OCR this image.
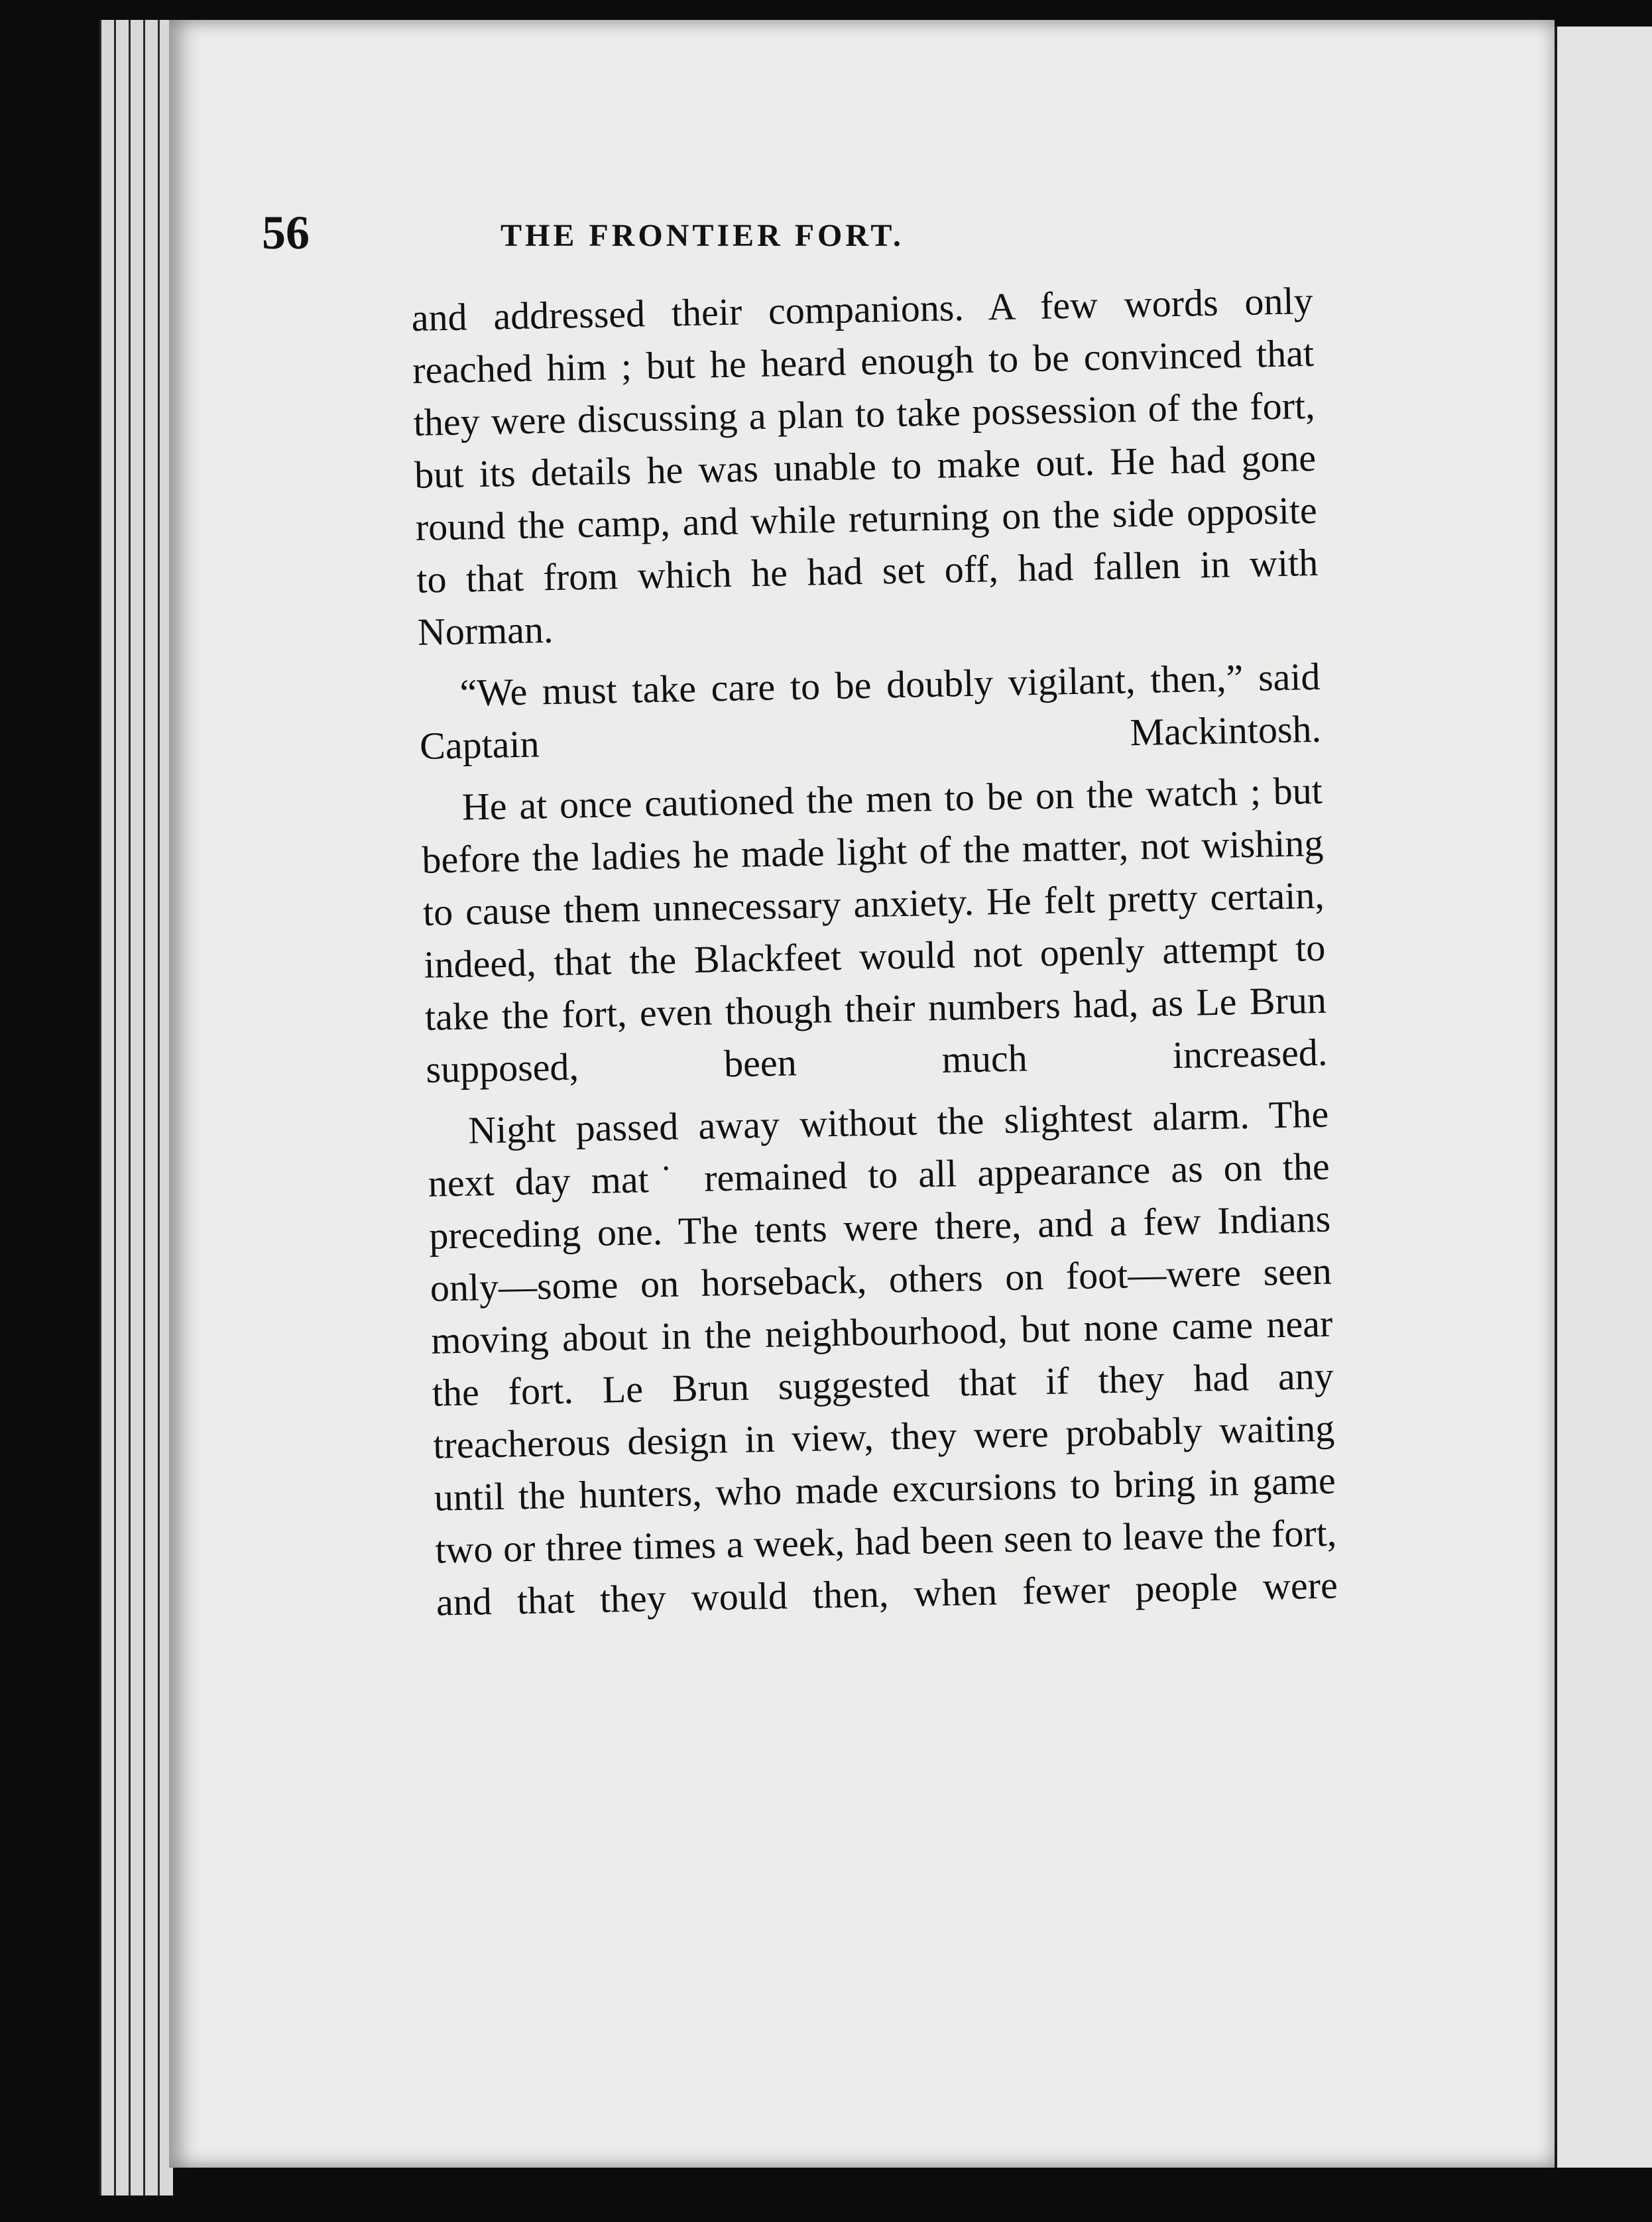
56	THE FRONTIER FORT.

and addressed their companions. A few words only reached him ; but he heard enough to be convinced that they were discussing a plan to take possession of the fort, but its details he was unable to make out. He had gone round the camp, and while returning on the side opposite to that from which he had set off, had fallen in with Norman.

“We must take care to be doubly vigilant, then,” said Captain Mackintosh.

He at once cautioned the men to be on the watch ; but before the ladies he made light of the matter, not wishing to cause them unnecessary anxiety. He felt pretty certain, indeed, that the Blackfeet would not openly attempt to take the fort, even though their numbers had, as Le Brun supposed, been much increased.

Night passed away without the slightest alarm. The next day mat˙ remained to all appearance as on the preceding one. The tents were there, and a few Indians only—some on horseback, others on foot—were seen moving about in the neighbourhood, but none came near the fort. Le Brun suggested that if they had any treacherous design in view, they were probably waiting until the hunters, who made excursions to bring in game two or three times a week, had been seen to leave the fort, and that they would then, when fewer people were
